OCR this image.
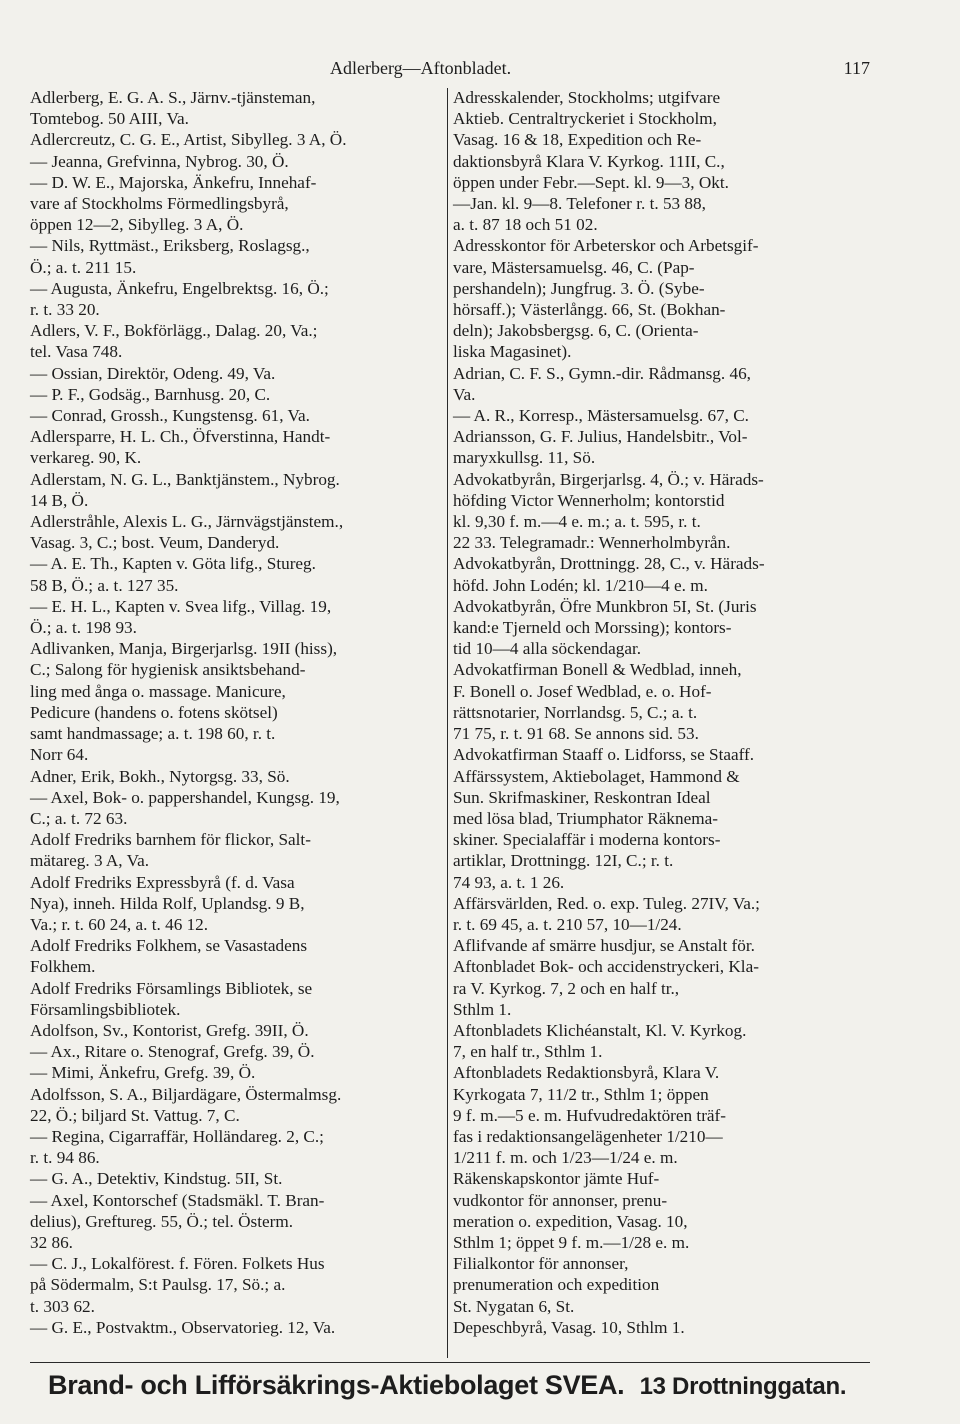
Adlerberg—Aftonbladet.	117

Adlerberg, E. G. A. S., Järnv.-tjänsteman,
Tomtebog. 50 AIII, Va.

Adlercreutz, C. G. E., Artist, Sibylleg. 3 A, Ö.

— Jeanna, Grefvinna, Nybrog. 30, Ö.

— D. W. E., Majorska, Änkefru, Innehaf-
vare af Stockholms Förmedlingsbyrå,
öppen 12—2, Sibylleg. 3 A, Ö.

— Nils, Ryttmäst., Eriksberg, Roslagsg.,
Ö.; a. t. 211 15.

— Augusta, Änkefru, Engelbrektsg. 16, Ö.;
r. t. 33 20.

Adlers, V. F., Bokförlägg., Dalag. 20, Va.;
tel. Vasa 748.

— Ossian, Direktör, Odeng. 49, Va.

— P. F., Godsäg., Barnhusg. 20, C.

— Conrad, Grossh., Kungstensg. 61, Va.

Adlersparre, H. L. Ch., Öfverstinna, Handt-
verkareg. 90, K.

Adlerstam, N. G. L., Banktjänstem., Nybrog.
14 B, Ö.

Adlerstråhle, Alexis L. G., Järnvägstjänstem.,
Vasag. 3, C.; bost. Veum, Danderyd.

— A. E. Th., Kapten v. Göta lifg., Stureg.
58 B, Ö.; a. t. 127 35.

— E. H. L., Kapten v. Svea lifg., Villag. 19,
Ö.; a. t. 198 93.

Adlivanken, Manja, Birgerjarlsg. 19II (hiss),
C.; Salong för hygienisk ansiktsbehand-
ling med ånga o. massage. Manicure,
Pedicure (handens o. fotens skötsel)
samt handmassage; a. t. 198 60, r. t.
Norr 64.

Adner, Erik, Bokh., Nytorgsg. 33, Sö.

— Axel, Bok- o. pappershandel, Kungsg. 19,
C.; a. t. 72 63.

Adolf Fredriks barnhem för flickor, Salt-
mätareg. 3 A, Va.

Adolf Fredriks Expressbyrå (f. d. Vasa
Nya), inneh. Hilda Rolf, Uplandsg. 9 B,
Va.; r. t. 60 24, a. t. 46 12.

Adolf Fredriks Folkhem, se Vasastadens
Folkhem.

Adolf Fredriks Församlings Bibliotek, se
Församlingsbibliotek.

Adolfson, Sv., Kontorist, Grefg. 39II, Ö.

— Ax., Ritare o. Stenograf, Grefg. 39, Ö.

— Mimi, Änkefru, Grefg. 39, Ö.

Adolfsson, S. A., Biljardägare, Östermalmsg.
22, Ö.; biljard St. Vattug. 7, C.

— Regina, Cigarraffär, Holländareg. 2, C.;
r. t. 94 86.

— G. A., Detektiv, Kindstug. 5II, St.

— Axel, Kontorschef (Stadsmäkl. T. Bran-
delius), Greftureg. 55, Ö.; tel. Österm.
32 86.

— C. J., Lokalförest. f. Fören. Folkets Hus
på Södermalm, S:t Paulsg. 17, Sö.; a.
t. 303 62.

— G. E., Postvaktm., Observatorieg. 12, Va.

Adresskalender, Stockholms; utgifvare
Aktieb. Centraltryckeriet i Stockholm,
Vasag. 16 & 18, Expedition och Re-
daktionsbyrå Klara V. Kyrkog. 11II, C.,
öppen under Febr.—Sept. kl. 9—3, Okt.
—Jan. kl. 9—8. Telefoner r. t. 53 88,
a. t. 87 18 och 51 02.

Adresskontor för Arbeterskor och Arbetsgif-
vare, Mästersamuelsg. 46, C. (Pap-
pershandeln); Jungfrug. 3. Ö. (Sybe-
hörsaff.); Västerlångg. 66, St. (Bokhan-
deln); Jakobsbergsg. 6, C. (Orienta-
liska Magasinet).

Adrian, C. F. S., Gymn.-dir. Rådmansg. 46,
Va.

— A. R., Korresp., Mästersamuelsg. 67, C.

Adriansson, G. F. Julius, Handelsbitr., Vol-
maryxkullsg. 11, Sö.

Advokatbyrån, Birgerjarlsg. 4, Ö.; v. Härads-
höfding Victor Wennerholm; kontorstid
kl. 9,30 f. m.—4 e. m.; a. t. 595, r. t.
22 33. Telegramadr.: Wennerholmbyrån.

Advokatbyrån, Drottningg. 28, C., v. Härads-
höfd. John Lodén; kl. 1/210—4 e. m.

Advokatbyrån, Öfre Munkbron 5I, St. (Juris
kand:e Tjerneld och Morssing); kontors-
tid 10—4 alla söckendagar.

Advokatfirman Bonell & Wedblad, inneh,
F. Bonell o. Josef Wedblad, e. o. Hof-
rättsnotarier, Norrlandsg. 5, C.; a. t.
71 75, r. t. 91 68. Se annons sid. 53.

Advokatfirman Staaff o. Lidforss, se Staaff.

Affärssystem, Aktiebolaget, Hammond &
Sun. Skrifmaskiner, Reskontran Ideal
med lösa blad, Triumphator Räknema-
skiner. Specialaffär i moderna kontors-
artiklar, Drottningg. 12I, C.; r. t.
74 93, a. t. 1 26.

Affärsvärlden, Red. o. exp. Tuleg. 27IV, Va.;
r. t. 69 45, a. t. 210 57, 10—1/24.

Aflifvande af smärre husdjur, se Anstalt för.

Aftonbladet Bok- och accidenstryckeri, Kla-
ra V. Kyrkog. 7, 2 och en half tr.,
Sthlm 1.

Aftonbladets Klichéanstalt, Kl. V. Kyrkog.
7, en half tr., Sthlm 1.

Aftonbladets Redaktionsbyrå, Klara V.
Kyrkogata 7, 11/2 tr., Sthlm 1; öppen
9 f. m.—5 e. m. Hufvudredaktören träf-
fas i redaktionsangelägenheter 1/210—
1/211 f. m. och 1/23—1/24 e. m.

Räkenskapskontor jämte Huf-
vudkontor för annonser, prenu-
meration o. expedition, Vasag. 10,
Sthlm 1; öppet 9 f. m.—1/28 e. m.

Filialkontor för annonser,
prenumeration och expedition
St. Nygatan 6, St.

Depeschbyrå, Vasag. 10, Sthlm 1.

Brand- och Lifförsäkrings-Aktiebolaget SVEA. 13 Drottninggatan.
